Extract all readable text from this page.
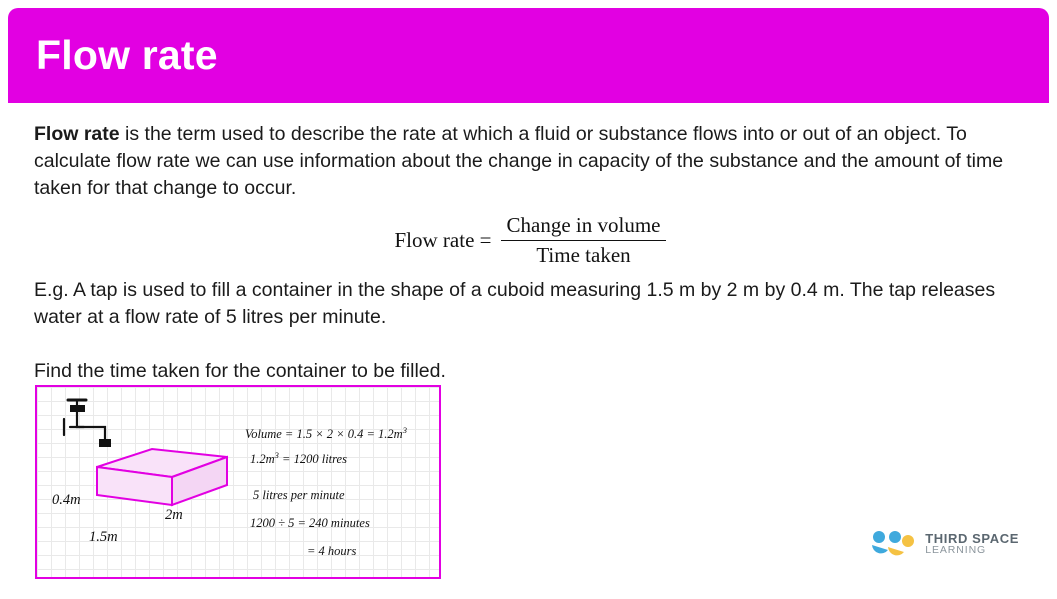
Flow rate

Flow rate is the term used to describe the rate at which a fluid or substance flows into or out of an object. To calculate flow rate we can use information about the change in capacity of the substance and the amount of time taken for that change to occur.

Flow rate = $\frac{\text{Change in volume}}{\text{Time taken}}$

E.g. A tap is used to fill a container in the shape of a cuboid measuring 1.5 m by 2 m by 0.4 m. The tap releases water at a flow rate of 5 litres per minute.

Find the time taken for the container to be filled.

0.4m
2m
1.5m
Volume = $1.5 \times 2 \times 0.4 = 1.2m^3$
$1.2m^3 = 1200$ litres
5 litres per minute
1200 ÷ 5 = 240 minutes
= 4 hours
THIRD SPACE
LEARNING
